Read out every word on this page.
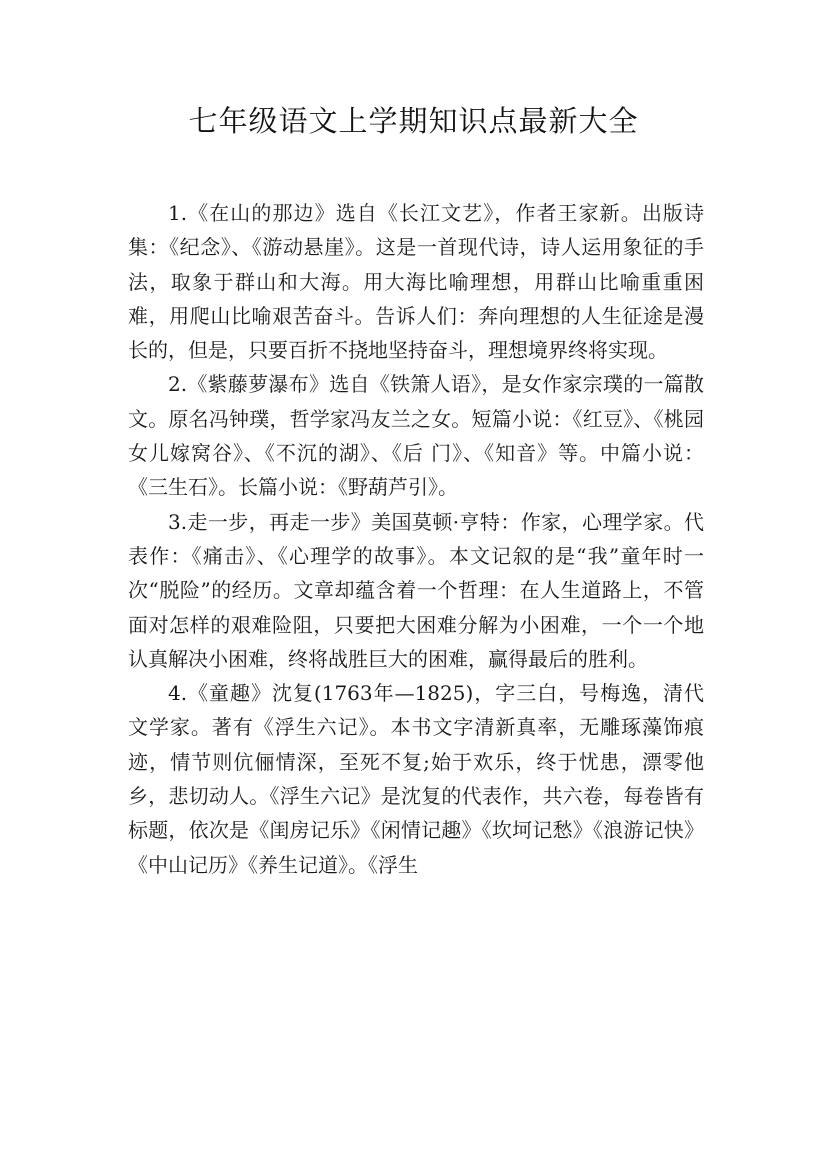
七年级语文上学期知识点最新大全

1.《在山的那边》选自《长江文艺》，作者王家新。出版诗集：《纪念》、《游动悬崖》。这是一首现代诗，诗人运用象征的手法，取象于群山和大海。用大海比喻理想，用群山比喻重重困难，用爬山比喻艰苦奋斗。告诉人们：奔向理想的人生征途是漫长的，但是，只要百折不挠地坚持奋斗，理想境界终将实现。

2.《紫藤萝瀑布》选自《铁箫人语》，是女作家宗璞的一篇散文。原名冯钟璞，哲学家冯友兰之女。短篇小说：《红豆》、《桃园女儿嫁窝谷》、《不沉的湖》、《后 门》、《知音》等。中篇小说：《三生石》。长篇小说：《野葫芦引》。

3.走一步，再走一步》美国莫顿·亨特：作家，心理学家。代表作：《痛击》、《心理学的故事》。本文记叙的是“我”童年时一次“脱险”的经历。文章却蕴含着一个哲理：在人生道路上，不管面对怎样的艰难险阻，只要把大困难分解为小困难，一个一个地认真解决小困难，终将战胜巨大的困难，赢得最后的胜利。

4.《童趣》沈复(1763年—1825)，字三白，号梅逸，清代文学家。著有《浮生六记》。本书文字清新真率，无雕琢藻饰痕迹，情节则伉俪情深，至死不复;始于欢乐，终于忧患，漂零他乡，悲切动人。《浮生六记》是沈复的代表作，共六卷，每卷皆有标题，依次是《闺房记乐》《闲情记趣》《坎坷记愁》《浪游记快》《中山记历》《养生记道》。《浮生
